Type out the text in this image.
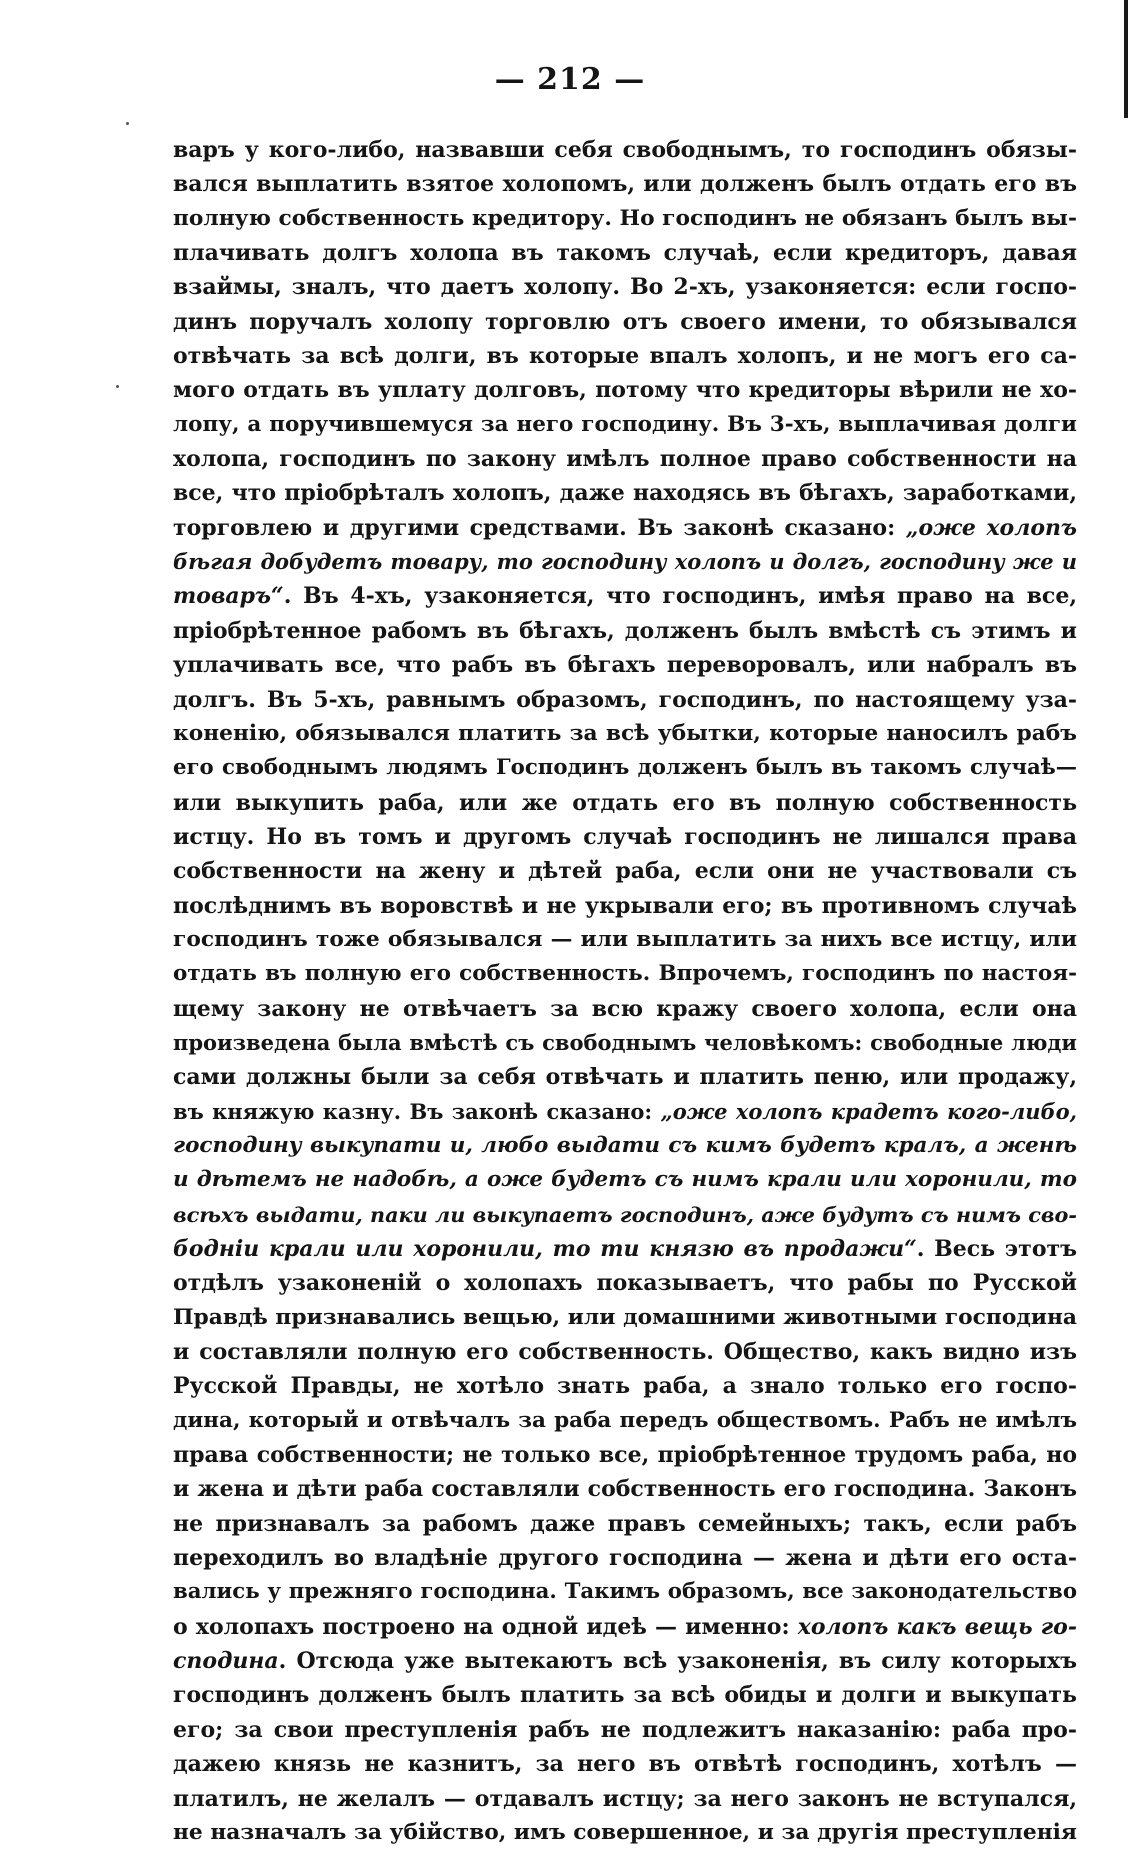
— 212 —
варъ у кого-либо, назвавши себя свободнымъ, то господинъ обязы-
вался выплатить взятое холопомъ, или долженъ былъ отдать его въ
полную собственность кредитору. Но господинъ не обязанъ былъ вы-
плачивать долгъ холопа въ такомъ случаѣ, если кредиторъ, давая
взаймы, зналъ, что даетъ холопу. Во 2-хъ, узаконяется: если госпо-
динъ поручалъ холопу торговлю отъ своего имени, то обязывался
отвѣчать за всѣ долги, въ которые впалъ холопъ, и не могъ его са-
мого отдать въ уплату долговъ, потому что кредиторы вѣрили не хо-
лопу, а поручившемуся за него господину. Въ 3-хъ, выплачивая долги
холопа, господинъ по закону имѣлъ полное право собственности на
все, что пріобрѣталъ холопъ, даже находясь въ бѣгахъ, заработками,
торговлею и другими средствами. Въ законѣ сказано: „оже холопъ
бѣгая добудетъ товару, то господину холопъ и долгъ, господину же и
товаръ“. Въ 4-хъ, узаконяется, что господинъ, имѣя право на все,
пріобрѣтенное рабомъ въ бѣгахъ, долженъ былъ вмѣстѣ съ этимъ и
уплачивать все, что рабъ въ бѣгахъ переворовалъ, или набралъ въ
долгъ. Въ 5-хъ, равнымъ образомъ, господинъ, по настоящему уза-
коненію, обязывался платить за всѣ убытки, которые наносилъ рабъ
его свободнымъ людямъ Господинъ долженъ былъ въ такомъ случаѣ—
или выкупить раба, или же отдать его въ полную собственность
истцу. Но въ томъ и другомъ случаѣ господинъ не лишался права
собственности на жену и дѣтей раба, если они не участвовали съ
послѣднимъ въ воровствѣ и не укрывали его; въ противномъ случаѣ
господинъ тоже обязывался — или выплатить за нихъ все истцу, или
отдать въ полную его собственность. Впрочемъ, господинъ по настоя-
щему закону не отвѣчаетъ за всю кражу своего холопа, если она
произведена была вмѣстѣ съ свободнымъ человѣкомъ: свободные люди
сами должны были за себя отвѣчать и платить пеню, или продажу,
въ княжую казну. Въ законѣ сказано: „оже холопъ крадетъ кого-либо,
господину выкупати и, любо выдати съ кимъ будетъ кралъ, а женѣ
и дѣтемъ не надобѣ, а оже будетъ съ нимъ крали или хоронили, то
всѣхъ выдати, паки ли выкупаетъ господинъ, аже будутъ съ нимъ сво-
бодніи крали или хоронили, то ти князю въ продажи“. Весь этотъ
отдѣлъ узаконеній о холопахъ показываетъ, что рабы по Русской
Правдѣ признавались вещью, или домашними животными господина
и составляли полную его собственность. Общество, какъ видно изъ
Русской Правды, не хотѣло знать раба, а знало только его госпо-
дина, который и отвѣчалъ за раба передъ обществомъ. Рабъ не имѣлъ
права собственности; не только все, пріобрѣтенное трудомъ раба, но
и жена и дѣти раба составляли собственность его господина. Законъ
не признавалъ за рабомъ даже правъ семейныхъ; такъ, если рабъ
переходилъ во владѣніе другого господина — жена и дѣти его оста-
вались у прежняго господина. Такимъ образомъ, все законодательство
о холопахъ построено на одной идеѣ — именно: холопъ какъ вещь го-
сподина. Отсюда уже вытекаютъ всѣ узаконенія, въ силу которыхъ
господинъ долженъ былъ платить за всѣ обиды и долги и выкупать
его; за свои преступленія рабъ не подлежитъ наказанію: раба про-
дажею князь не казнитъ, за него въ отвѣтѣ господинъ, хотѣлъ —
платилъ, не желалъ — отдавалъ истцу; за него законъ не вступался,
не назначалъ за убійство, имъ совершенное, и за другія преступленія
